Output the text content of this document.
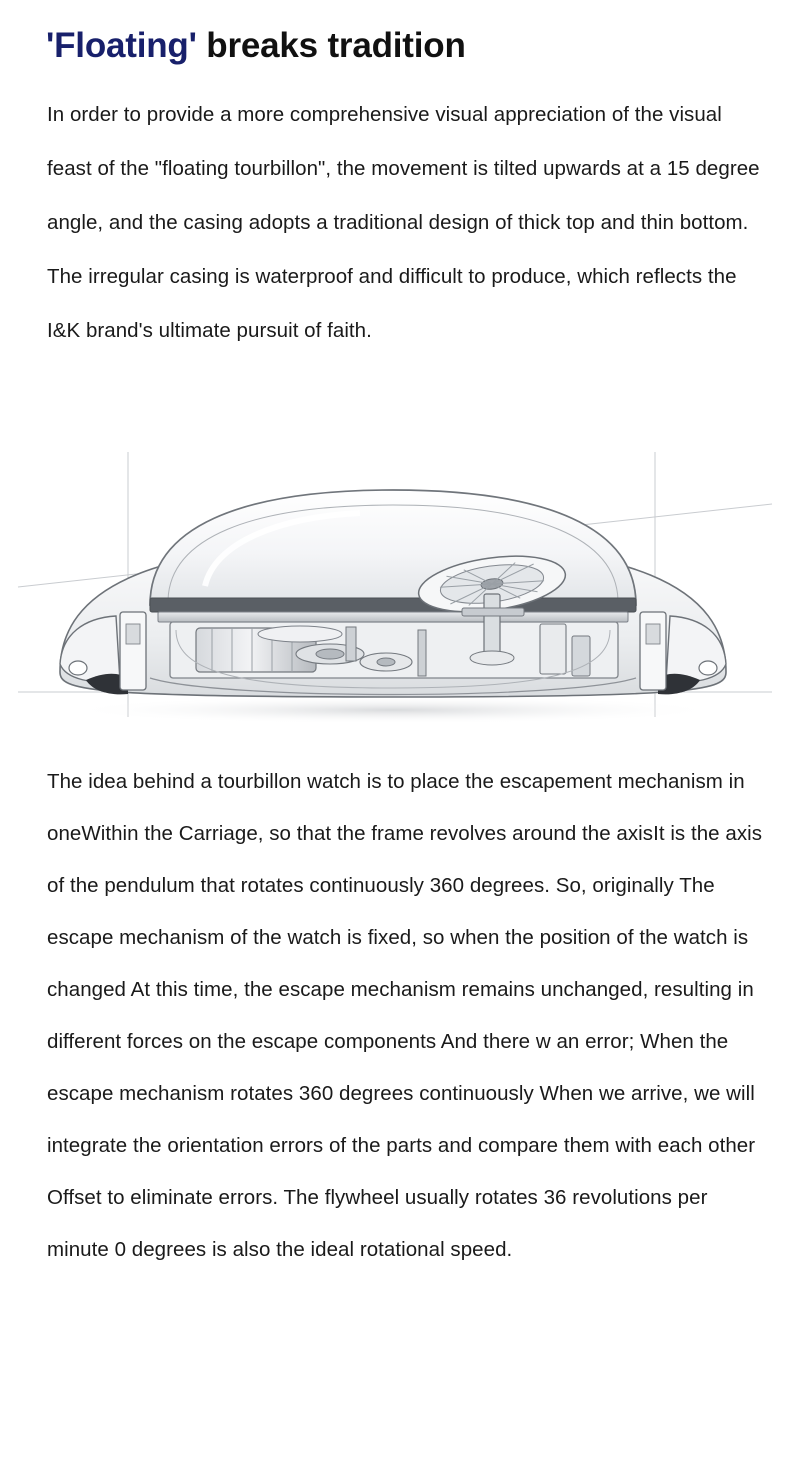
'Floating' breaks tradition

In order to provide a more comprehensive visual appreciation of the visual feast of the "floating tourbillon", the movement is tilted upwards at a 15 degree angle, and the casing adopts a traditional design of thick top and thin bottom. The irregular casing is waterproof and difficult to produce, which reflects the I&K brand's ultimate pursuit of faith.

The idea behind a tourbillon watch is to place the escapement mechanism in oneWithin the Carriage, so that the frame revolves around the axisIt is the axis of the pendulum that rotates continuously 360 degrees. So, originally The escape mechanism of the watch is fixed, so when the position of the watch is changed At this time, the escape mechanism remains unchanged, resulting in different forces on the escape components And there w an error; When the escape mechanism rotates 360 degrees continuously When we arrive, we will integrate the orientation errors of the parts and compare them with each other Offset to eliminate errors. The flywheel usually rotates 36 revolutions per minute 0 degrees is also the ideal rotational speed.
